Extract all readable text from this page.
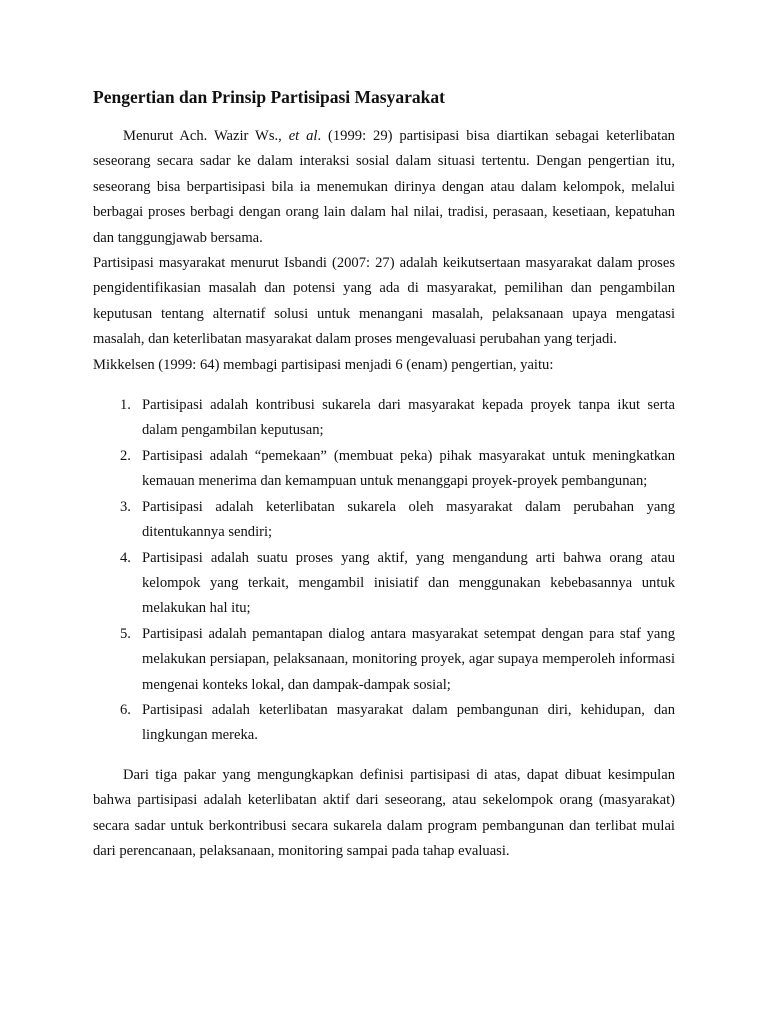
Pengertian dan Prinsip Partisipasi Masyarakat

Menurut Ach. Wazir Ws., et al. (1999: 29) partisipasi bisa diartikan sebagai keterlibatan seseorang secara sadar ke dalam interaksi sosial dalam situasi tertentu. Dengan pengertian itu, seseorang bisa berpartisipasi bila ia menemukan dirinya dengan atau dalam kelompok, melalui berbagai proses berbagi dengan orang lain dalam hal nilai, tradisi, perasaan, kesetiaan, kepatuhan dan tanggungjawab bersama.

Partisipasi masyarakat menurut Isbandi (2007: 27) adalah keikutsertaan masyarakat dalam proses pengidentifikasian masalah dan potensi yang ada di masyarakat, pemilihan dan pengambilan keputusan tentang alternatif solusi untuk menangani masalah, pelaksanaan upaya mengatasi masalah, dan keterlibatan masyarakat dalam proses mengevaluasi perubahan yang terjadi.

Mikkelsen (1999: 64) membagi partisipasi menjadi 6 (enam) pengertian, yaitu:

1. Partisipasi adalah kontribusi sukarela dari masyarakat kepada proyek tanpa ikut serta dalam pengambilan keputusan;
2. Partisipasi adalah “pemekaan” (membuat peka) pihak masyarakat untuk meningkatkan kemauan menerima dan kemampuan untuk menanggapi proyek-proyek pembangunan;
3. Partisipasi adalah keterlibatan sukarela oleh masyarakat dalam perubahan yang ditentukannya sendiri;
4. Partisipasi adalah suatu proses yang aktif, yang mengandung arti bahwa orang atau kelompok yang terkait, mengambil inisiatif dan menggunakan kebebasannya untuk melakukan hal itu;
5. Partisipasi adalah pemantapan dialog antara masyarakat setempat dengan para staf yang melakukan persiapan, pelaksanaan, monitoring proyek, agar supaya memperoleh informasi mengenai konteks lokal, dan dampak-dampak sosial;
6. Partisipasi adalah keterlibatan masyarakat dalam pembangunan diri, kehidupan, dan lingkungan mereka.

Dari tiga pakar yang mengungkapkan definisi partisipasi di atas, dapat dibuat kesimpulan bahwa partisipasi adalah keterlibatan aktif dari seseorang, atau sekelompok orang (masyarakat) secara sadar untuk berkontribusi secara sukarela dalam program pembangunan dan terlibat mulai dari perencanaan, pelaksanaan, monitoring sampai pada tahap evaluasi.
